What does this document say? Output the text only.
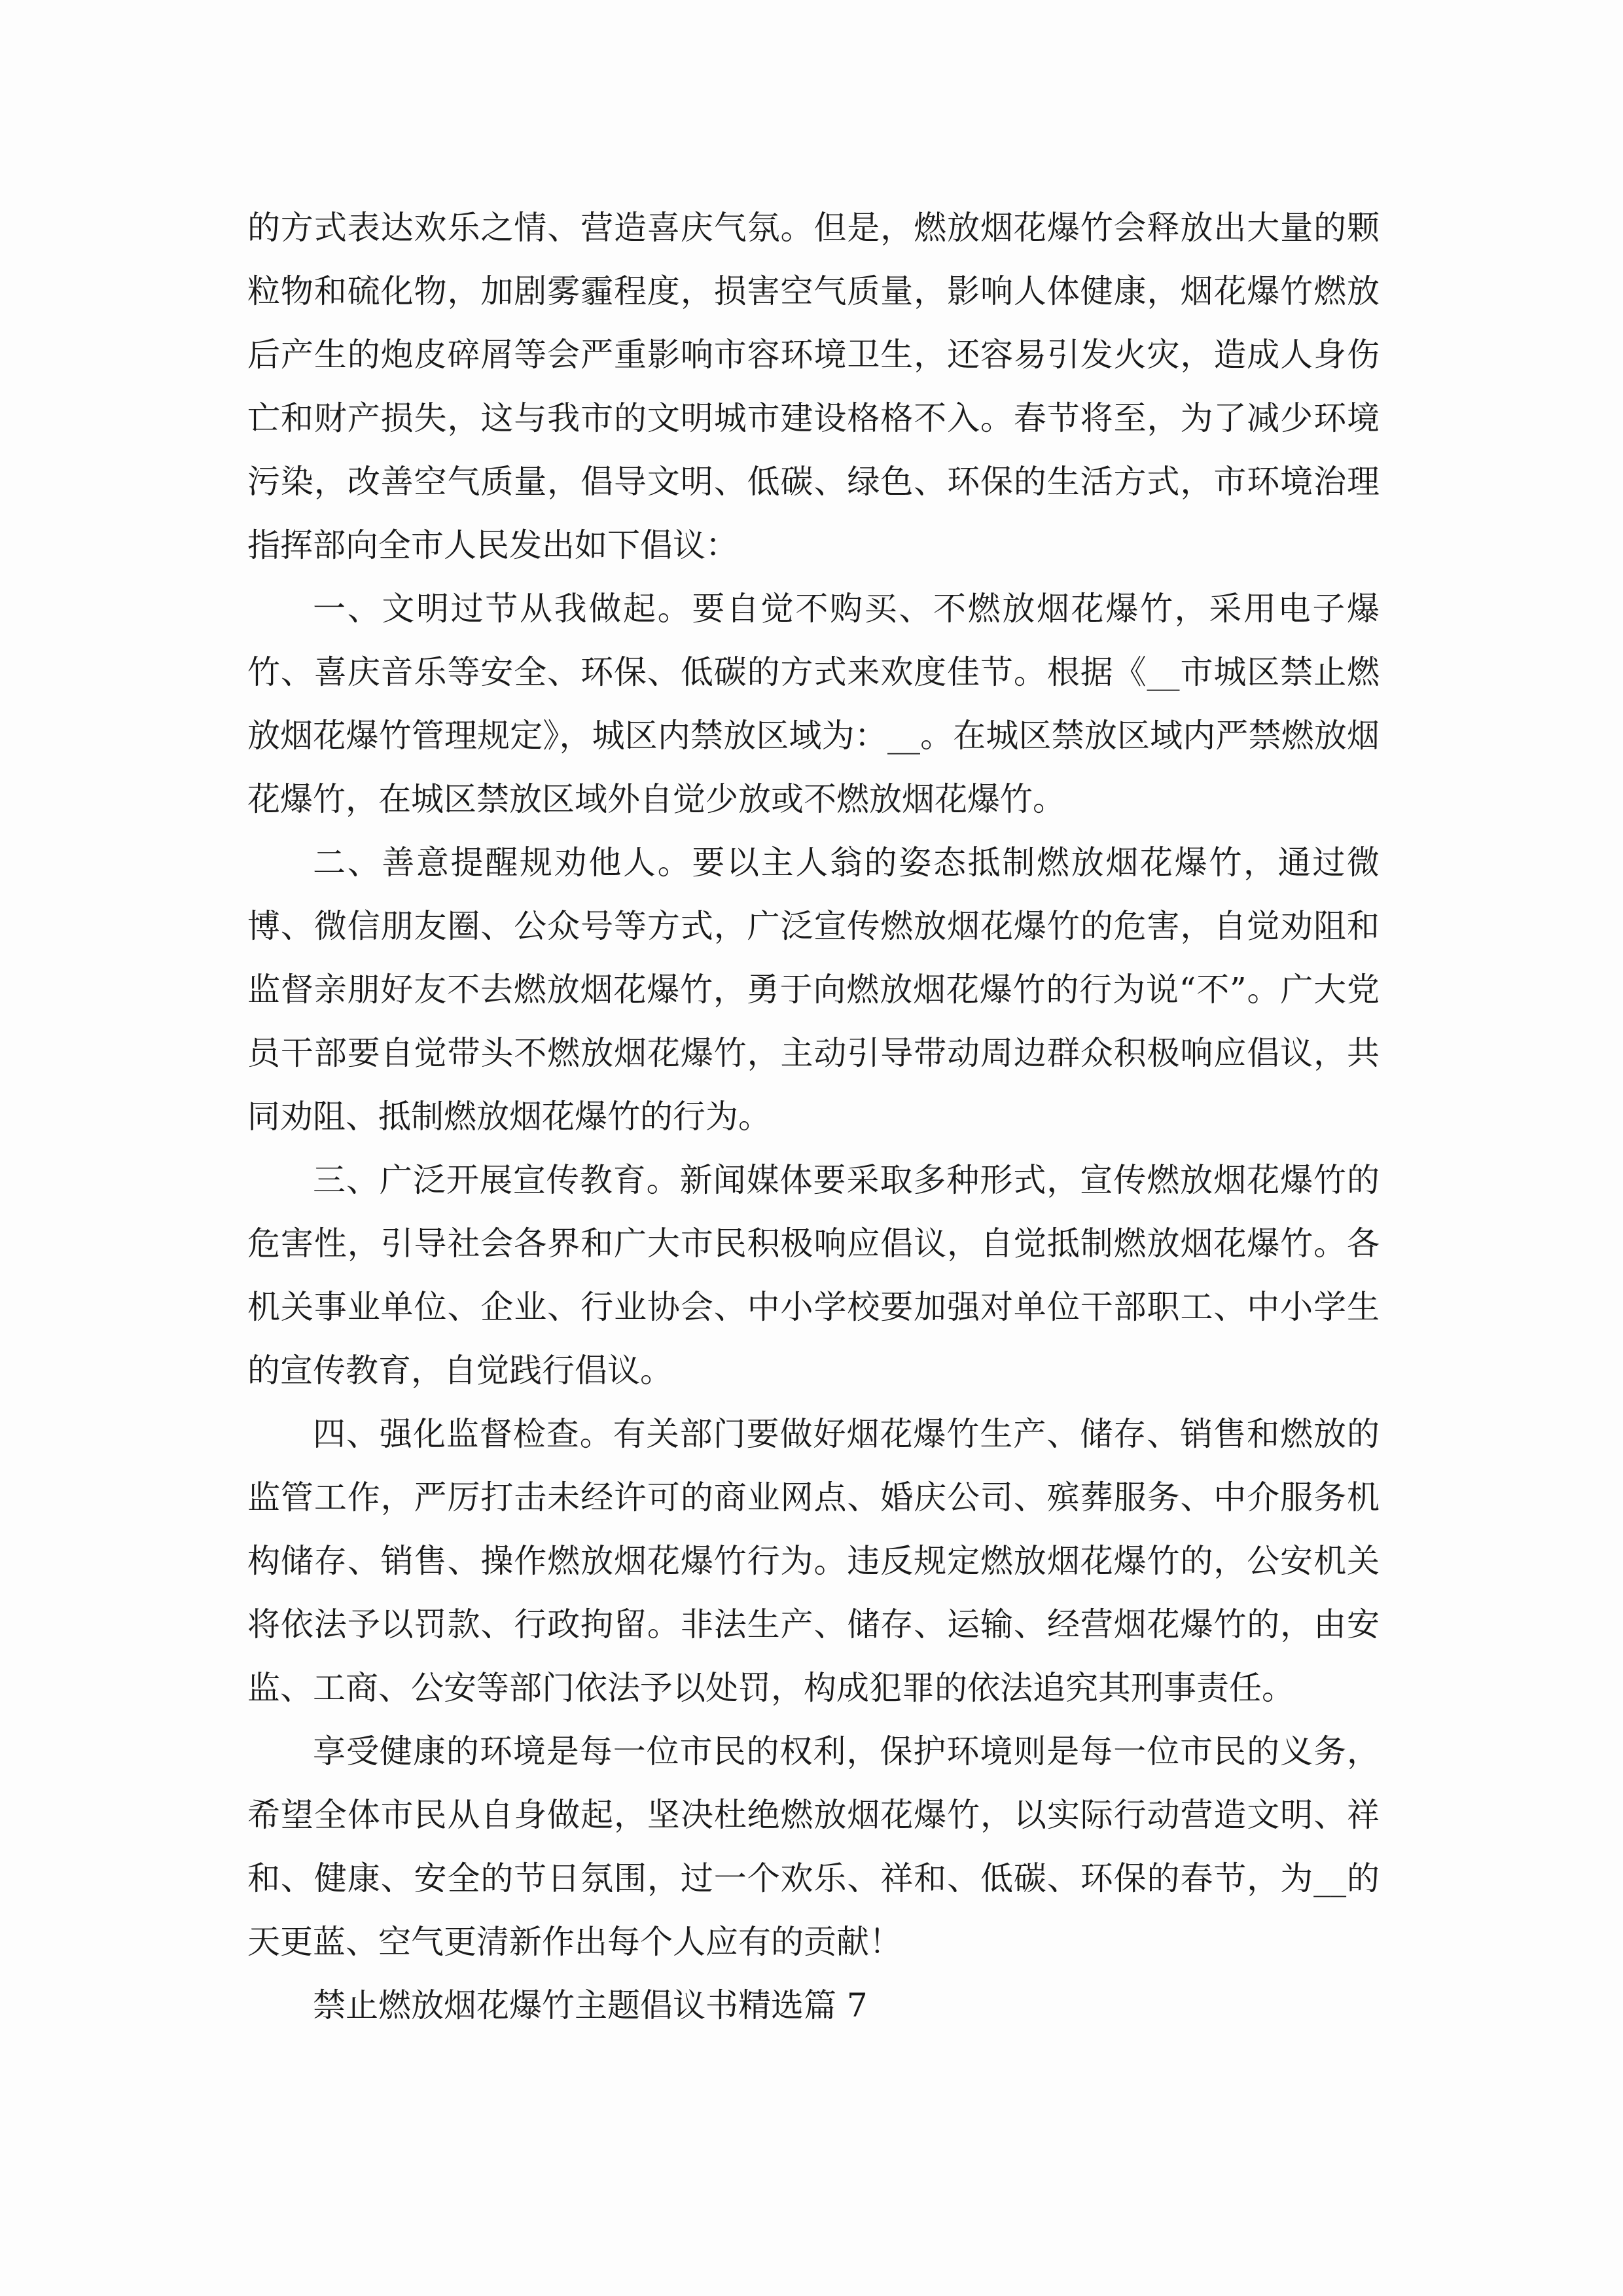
的方式表达欢乐之情、营造喜庆气氛。但是，燃放烟花爆竹会释放出大量的颗粒物和硫化物，加剧雾霾程度，损害空气质量，影响人体健康，烟花爆竹燃放后产生的炮皮碎屑等会严重影响市容环境卫生，还容易引发火灾，造成人身伤亡和财产损失，这与我市的文明城市建设格格不入。春节将至，为了减少环境污染，改善空气质量，倡导文明、低碳、绿色、环保的生活方式，市环境治理指挥部向全市人民发出如下倡议：

一、文明过节从我做起。要自觉不购买、不燃放烟花爆竹，采用电子爆竹、喜庆音乐等安全、环保、低碳的方式来欢度佳节。根据《__市城区禁止燃放烟花爆竹管理规定》，城区内禁放区域为：__。在城区禁放区域内严禁燃放烟花爆竹，在城区禁放区域外自觉少放或不燃放烟花爆竹。

二、善意提醒规劝他人。要以主人翁的姿态抵制燃放烟花爆竹，通过微博、微信朋友圈、公众号等方式，广泛宣传燃放烟花爆竹的危害，自觉劝阻和监督亲朋好友不去燃放烟花爆竹，勇于向燃放烟花爆竹的行为说“不”。广大党员干部要自觉带头不燃放烟花爆竹，主动引导带动周边群众积极响应倡议，共同劝阻、抵制燃放烟花爆竹的行为。

三、广泛开展宣传教育。新闻媒体要采取多种形式，宣传燃放烟花爆竹的危害性，引导社会各界和广大市民积极响应倡议，自觉抵制燃放烟花爆竹。各机关事业单位、企业、行业协会、中小学校要加强对单位干部职工、中小学生的宣传教育，自觉践行倡议。

四、强化监督检查。有关部门要做好烟花爆竹生产、储存、销售和燃放的监管工作，严厉打击未经许可的商业网点、婚庆公司、殡葬服务、中介服务机构储存、销售、操作燃放烟花爆竹行为。违反规定燃放烟花爆竹的，公安机关将依法予以罚款、行政拘留。非法生产、储存、运输、经营烟花爆竹的，由安监、工商、公安等部门依法予以处罚，构成犯罪的依法追究其刑事责任。

享受健康的环境是每一位市民的权利，保护环境则是每一位市民的义务，希望全体市民从自身做起，坚决杜绝燃放烟花爆竹，以实际行动营造文明、祥和、健康、安全的节日氛围，过一个欢乐、祥和、低碳、环保的春节，为__的天更蓝、空气更清新作出每个人应有的贡献！

禁止燃放烟花爆竹主题倡议书精选篇 7
